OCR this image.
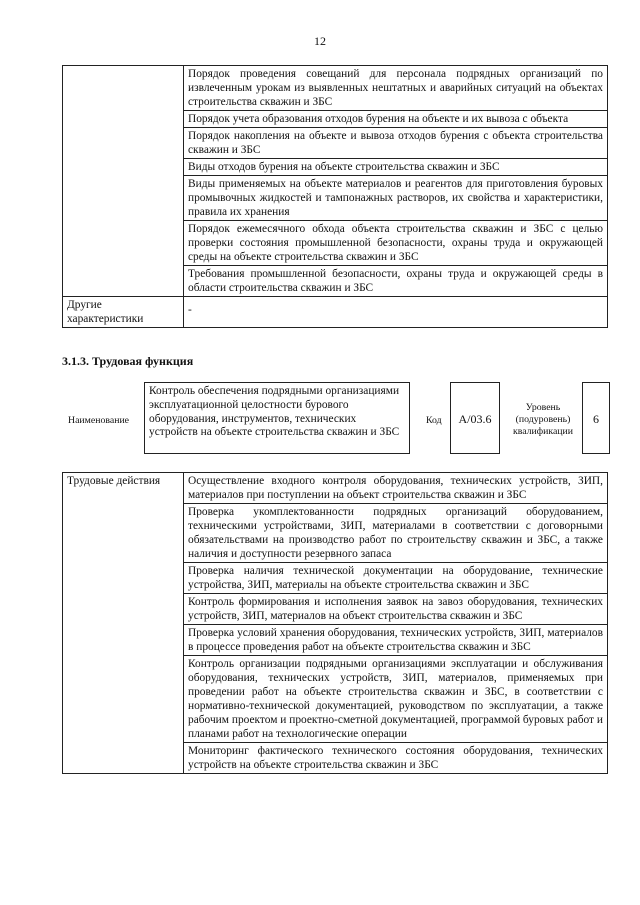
12
	Порядок проведения совещаний для персонала подрядных организаций по извлеченным урокам из выявленных нештатных и аварийных ситуаций на объектах строительства скважин и ЗБС
	Порядок учета образования отходов бурения на объекте и их вывоза с объекта
	Порядок накопления на объекте и вывоза отходов бурения с объекта строительства скважин и ЗБС
	Виды отходов бурения на объекте строительства скважин и ЗБС
	Виды применяемых на объекте материалов и реагентов для приготовления буровых промывочных жидкостей и тампонажных растворов, их свойства и характеристики, правила их хранения
	Порядок ежемесячного обхода объекта строительства скважин и ЗБС с целью проверки состояния промышленной безопасности, охраны труда и окружающей среды на объекте строительства скважин и ЗБС
	Требования промышленной безопасности, охраны труда и окружающей среды в области строительства скважин и ЗБС
Другие характеристики	-
3.1.3. Трудовая функция
Наименование
Контроль обеспечения подрядными организациями эксплуатационной целостности бурового оборудования, инструментов, технических устройств на объекте строительства скважин и ЗБС
Код	А/03.6
Уровень (подуровень) квалификации
6
Трудовые действия	Осуществление входного контроля оборудования, технических устройств, ЗИП, материалов при поступлении на объект строительства скважин и ЗБС
Проверка укомплектованности подрядных организаций оборудованием, техническими устройствами, ЗИП, материалами в соответствии с договорными обязательствами на производство работ по строительству скважин и ЗБС, а также наличия и доступности резервного запаса
Проверка наличия технической документации на оборудование, технические устройства, ЗИП, материалы на объекте строительства скважин и ЗБС
Контроль формирования и исполнения заявок на завоз оборудования, технических устройств, ЗИП, материалов на объект строительства скважин и ЗБС
Проверка условий хранения оборудования, технических устройств, ЗИП, материалов в процессе проведения работ на объекте строительства скважин и ЗБС
Контроль организации подрядными организациями эксплуатации и обслуживания оборудования, технических устройств, ЗИП, материалов, применяемых при проведении работ на объекте строительства скважин и ЗБС, в соответствии с нормативно-технической документацией, руководством по эксплуатации, а также рабочим проектом и проектно-сметной документацией, программой буровых работ и планами работ на технологические операции
Мониторинг фактического технического состояния оборудования, технических устройств на объекте строительства скважин и ЗБС
